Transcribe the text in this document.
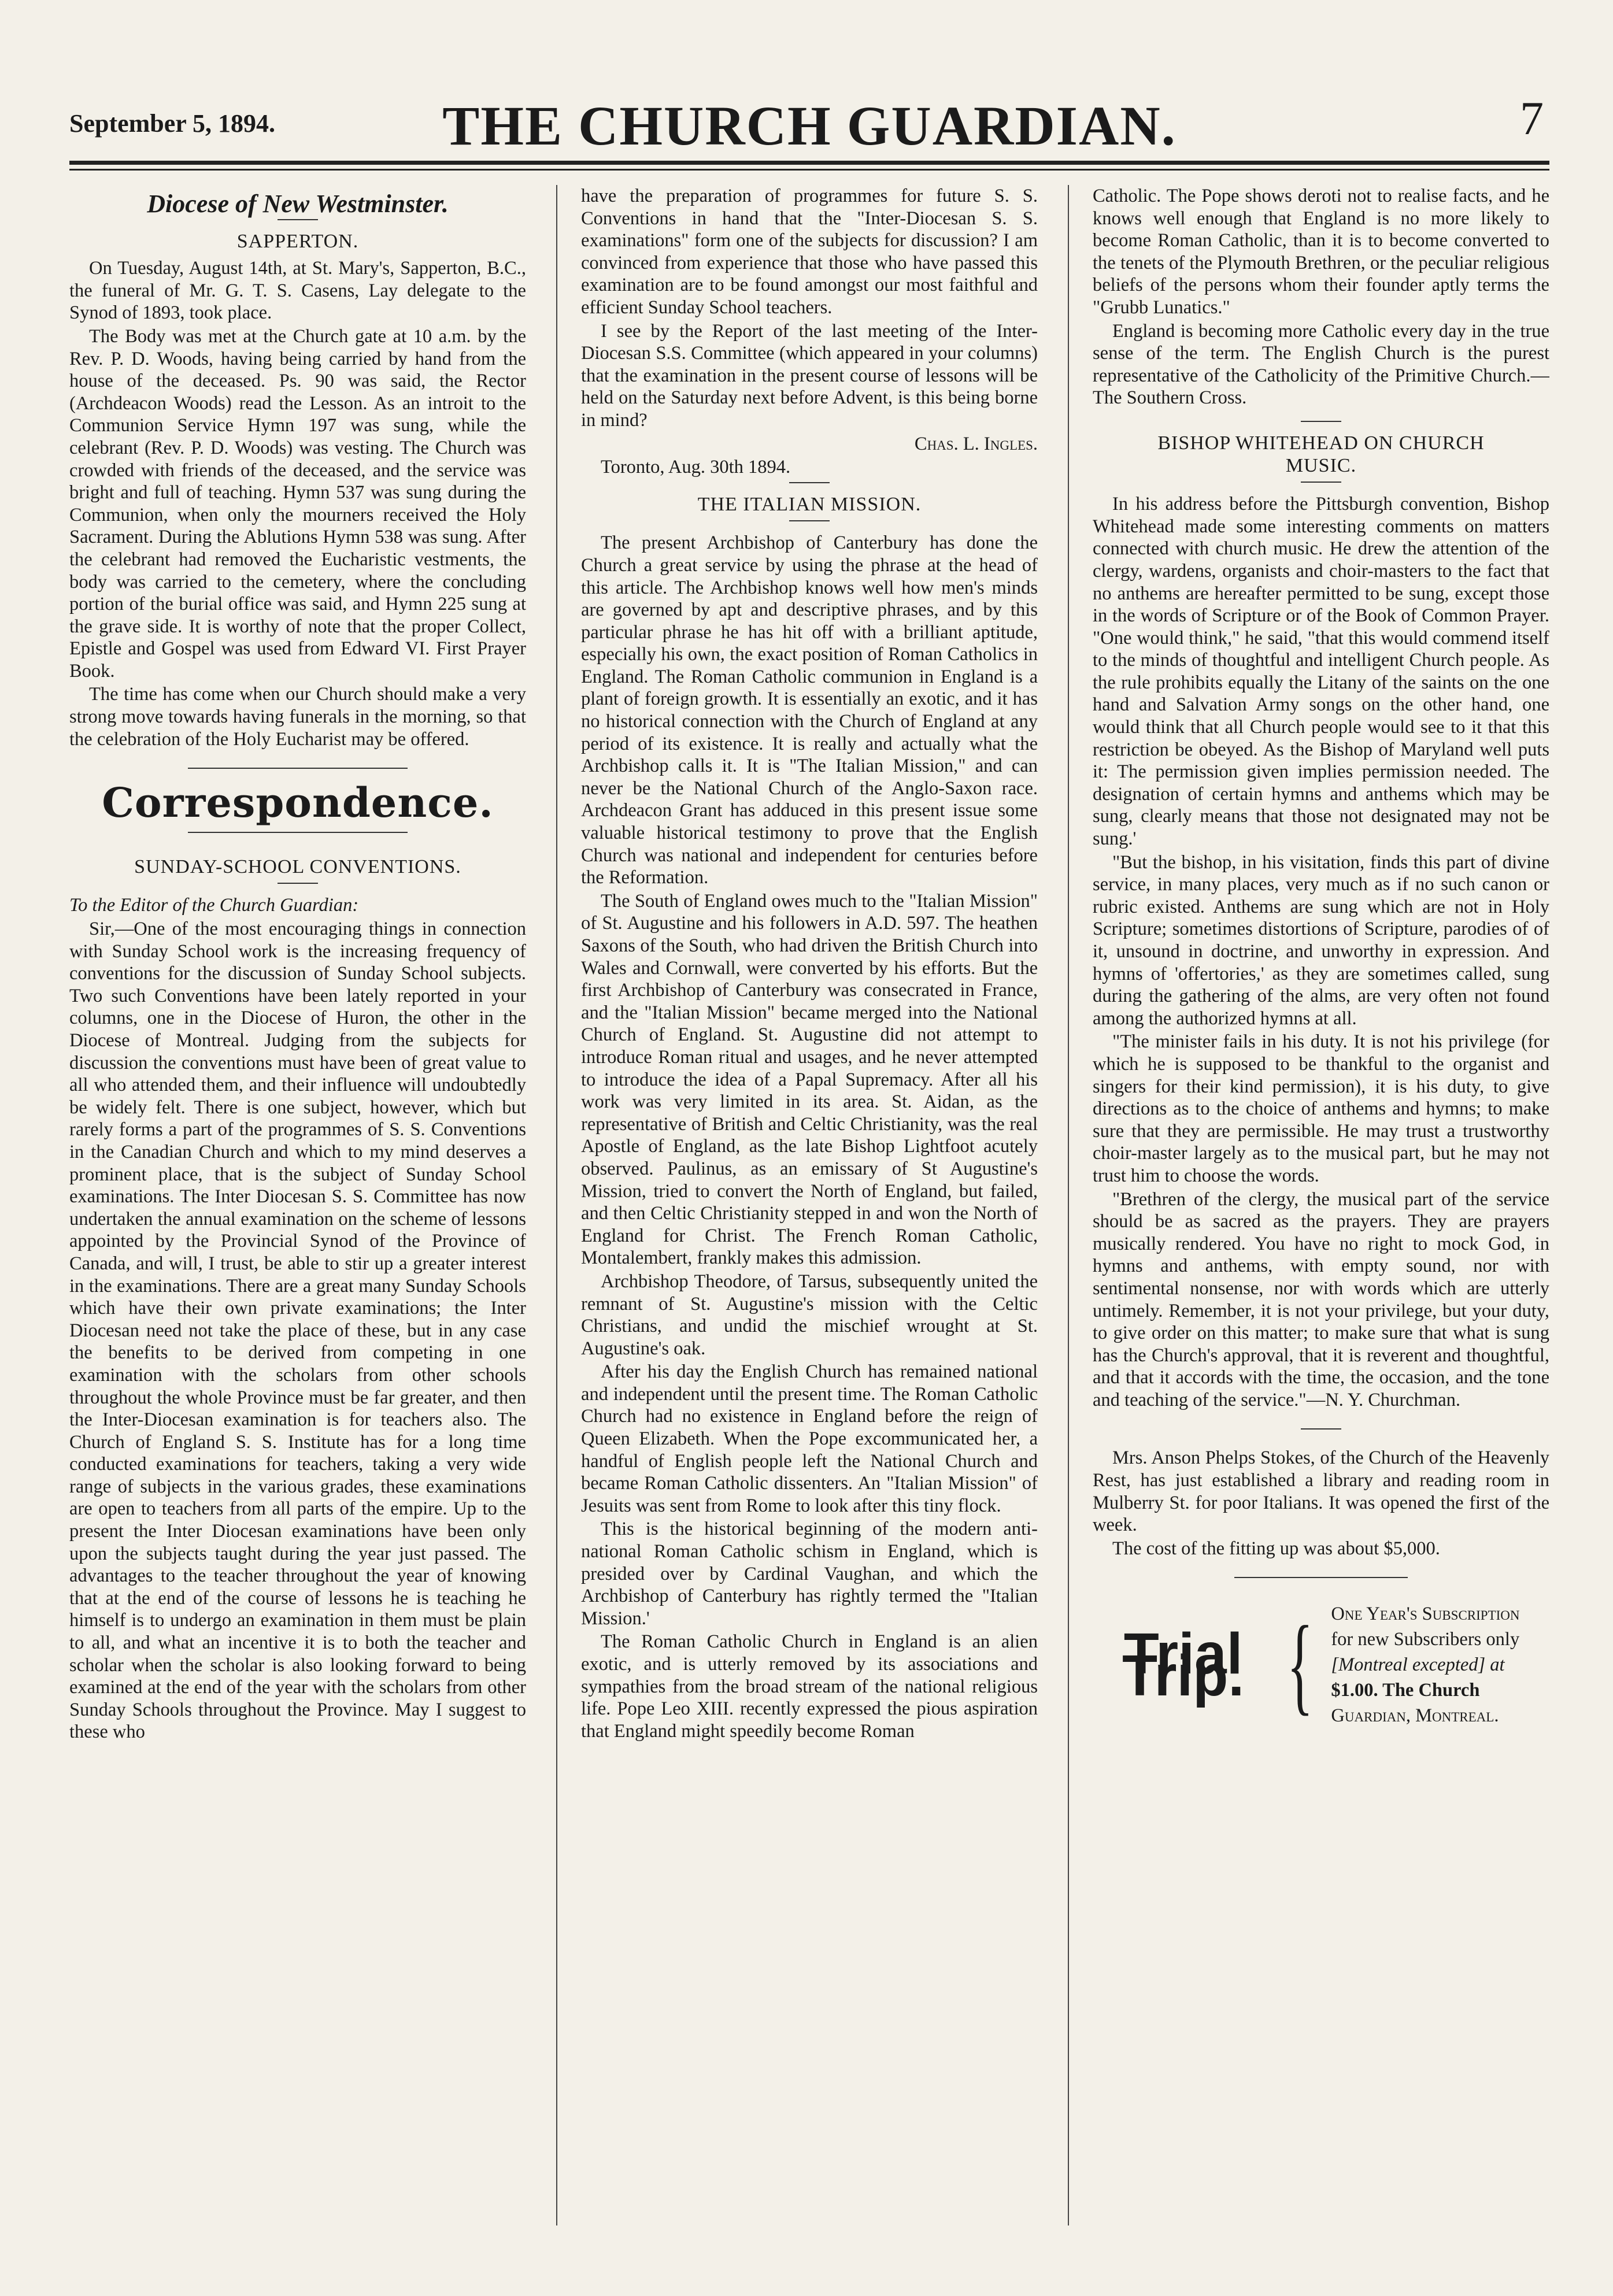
September 5, 1894.	THE CHURCH GUARDIAN.	7
Diocese of New Westminster.
SAPPERTON.

On Tuesday, August 14th, at St. Mary's, Sapperton, B.C., the funeral of Mr. G. T. S. Casens, Lay delegate to the Synod of 1893, took place.

The Body was met at the Church gate at 10 a.m. by the Rev. P. D. Woods, having being carried by hand from the house of the deceased. Ps. 90 was said, the Rector (Archdeacon Woods) read the Lesson. As an introit to the Communion Service Hymn 197 was sung, while the celebrant (Rev. P. D. Woods) was vesting. The Church was crowded with friends of the deceased, and the service was bright and full of teaching. Hymn 537 was sung during the Communion, when only the mourners received the Holy Sacrament. During the Ablutions Hymn 538 was sung. After the celebrant had removed the Eucharistic vestments, the body was carried to the cemetery, where the concluding portion of the burial office was said, and Hymn 225 sung at the grave side. It is worthy of note that the proper Collect, Epistle and Gospel was used from Edward VI. First Prayer Book.

The time has come when our Church should make a very strong move towards having funerals in the morning, so that the celebration of the Holy Eucharist may be offered.

Correspondence.
SUNDAY-SCHOOL CONVENTIONS.

To the Editor of the Church Guardian:

Sir,—One of the most encouraging things in connection with Sunday School work is the increasing frequency of conventions for the discussion of Sunday School subjects. Two such Conventions have been lately reported in your columns, one in the Diocese of Huron, the other in the Diocese of Montreal. Judging from the subjects for discussion the conventions must have been of great value to all who attended them, and their influence will undoubtedly be widely felt. There is one subject, however, which but rarely forms a part of the programmes of S. S. Conventions in the Canadian Church and which to my mind deserves a prominent place, that is the subject of Sunday School examinations. The Inter Diocesan S. S. Committee has now undertaken the annual examination on the scheme of lessons appointed by the Provincial Synod of the Province of Canada, and will, I trust, be able to stir up a greater interest in the examinations. There are a great many Sunday Schools which have their own private examinations; the Inter Diocesan need not take the place of these, but in any case the benefits to be derived from competing in one examination with the scholars from other schools throughout the whole Province must be far greater, and then the Inter-Diocesan examination is for teachers also. The Church of England S. S. Institute has for a long time conducted examinations for teachers, taking a very wide range of subjects in the various grades, these examinations are open to teachers from all parts of the empire. Up to the present the Inter Diocesan examinations have been only upon the subjects taught during the year just passed. The advantages to the teacher throughout the year of knowing that at the end of the course of lessons he is teaching he himself is to undergo an examination in them must be plain to all, and what an incentive it is to both the teacher and scholar when the scholar is also looking forward to being examined at the end of the year with the scholars from other Sunday Schools throughout the Province. May I suggest to these who

have the preparation of programmes for future S. S. Conventions in hand that the "Inter-Diocesan S. S. examinations" form one of the subjects for discussion? I am convinced from experience that those who have passed this examination are to be found amongst our most faithful and efficient Sunday School teachers.

I see by the Report of the last meeting of the Inter-Diocesan S.S. Committee (which appeared in your columns) that the examination in the present course of lessons will be held on the Saturday next before Advent, is this being borne in mind?

Chas. L. Ingles.

Toronto, Aug. 30th 1894.

THE ITALIAN MISSION.

The present Archbishop of Canterbury has done the Church a great service by using the phrase at the head of this article. The Archbishop knows well how men's minds are governed by apt and descriptive phrases, and by this particular phrase he has hit off with a brilliant aptitude, especially his own, the exact position of Roman Catholics in England. The Roman Catholic communion in England is a plant of foreign growth. It is essentially an exotic, and it has no historical connection with the Church of England at any period of its existence. It is really and actually what the Archbishop calls it. It is "The Italian Mission," and can never be the National Church of the Anglo-Saxon race. Archdeacon Grant has adduced in this present issue some valuable historical testimony to prove that the English Church was national and independent for centuries before the Reformation.

The South of England owes much to the "Italian Mission" of St. Augustine and his followers in A.D. 597. The heathen Saxons of the South, who had driven the British Church into Wales and Cornwall, were converted by his efforts. But the first Archbishop of Canterbury was consecrated in France, and the "Italian Mission" became merged into the National Church of England. St. Augustine did not attempt to introduce Roman ritual and usages, and he never attempted to introduce the idea of a Papal Supremacy. After all his work was very limited in its area. St. Aidan, as the representative of British and Celtic Christianity, was the real Apostle of England, as the late Bishop Lightfoot acutely observed. Paulinus, as an emissary of St Augustine's Mission, tried to convert the North of England, but failed, and then Celtic Christianity stepped in and won the North of England for Christ. The French Roman Catholic, Montalembert, frankly makes this admission.

Archbishop Theodore, of Tarsus, subsequently united the remnant of St. Augustine's mission with the Celtic Christians, and undid the mischief wrought at St. Augustine's oak.

After his day the English Church has remained national and independent until the present time. The Roman Catholic Church had no existence in England before the reign of Queen Elizabeth. When the Pope excommunicated her, a handful of English people left the National Church and became Roman Catholic dissenters. An "Italian Mission" of Jesuits was sent from Rome to look after this tiny flock.

This is the historical beginning of the modern anti-national Roman Catholic schism in England, which is presided over by Cardinal Vaughan, and which the Archbishop of Canterbury has rightly termed the "Italian Mission.'

The Roman Catholic Church in England is an alien exotic, and is utterly removed by its associations and sympathies from the broad stream of the national religious life. Pope Leo XIII. recently expressed the pious aspiration that England might speedily become Roman

Catholic. The Pope shows deroti not to realise facts, and he knows well enough that England is no more likely to become Roman Catholic, than it is to become converted to the tenets of the Plymouth Brethren, or the peculiar religious beliefs of the persons whom their founder aptly terms the "Grubb Lunatics."

England is becoming more Catholic every day in the true sense of the term. The English Church is the purest representative of the Catholicity of the Primitive Church.—The Southern Cross.

BISHOP WHITEHEAD ON CHURCH
MUSIC.

In his address before the Pittsburgh convention, Bishop Whitehead made some interesting comments on matters connected with church music. He drew the attention of the clergy, wardens, organists and choir-masters to the fact that no anthems are hereafter permitted to be sung, except those in the words of Scripture or of the Book of Common Prayer. "One would think," he said, "that this would commend itself to the minds of thoughtful and intelligent Church people. As the rule prohibits equally the Litany of the saints on the one hand and Salvation Army songs on the other hand, one would think that all Church people would see to it that this restriction be obeyed. As the Bishop of Maryland well puts it: The permission given implies permission needed. The designation of certain hymns and anthems which may be sung, clearly means that those not designated may not be sung.'

"But the bishop, in his visitation, finds this part of divine service, in many places, very much as if no such canon or rubric existed. Anthems are sung which are not in Holy Scripture; sometimes distortions of Scripture, parodies of of it, unsound in doctrine, and unworthy in expression. And hymns of 'offertories,' as they are sometimes called, sung during the gathering of the alms, are very often not found among the authorized hymns at all.

"The minister fails in his duty. It is not his privilege (for which he is supposed to be thankful to the organist and singers for their kind permission), it is his duty, to give directions as to the choice of anthems and hymns; to make sure that they are permissible. He may trust a trustworthy choir-master largely as to the musical part, but he may not trust him to choose the words.

"Brethren of the clergy, the musical part of the service should be as sacred as the prayers. They are prayers musically rendered. You have no right to mock God, in hymns and anthems, with empty sound, nor with sentimental nonsense, nor with words which are utterly untimely. Remember, it is not your privilege, but your duty, to give order on this matter; to make sure that what is sung has the Church's approval, that it is reverent and thoughtful, and that it accords with the time, the occasion, and the tone and teaching of the service."—N. Y. Churchman.

Mrs. Anson Phelps Stokes, of the Church of the Heavenly Rest, has just established a library and reading room in Mulberry St. for poor Italians. It was opened the first of the week.

The cost of the fitting up was about $5,000.

Trial Trip. { One Year's Subscription
for new Subscribers only
[Montreal excepted] at
$1.00. The Church
Guardian, Montreal.
